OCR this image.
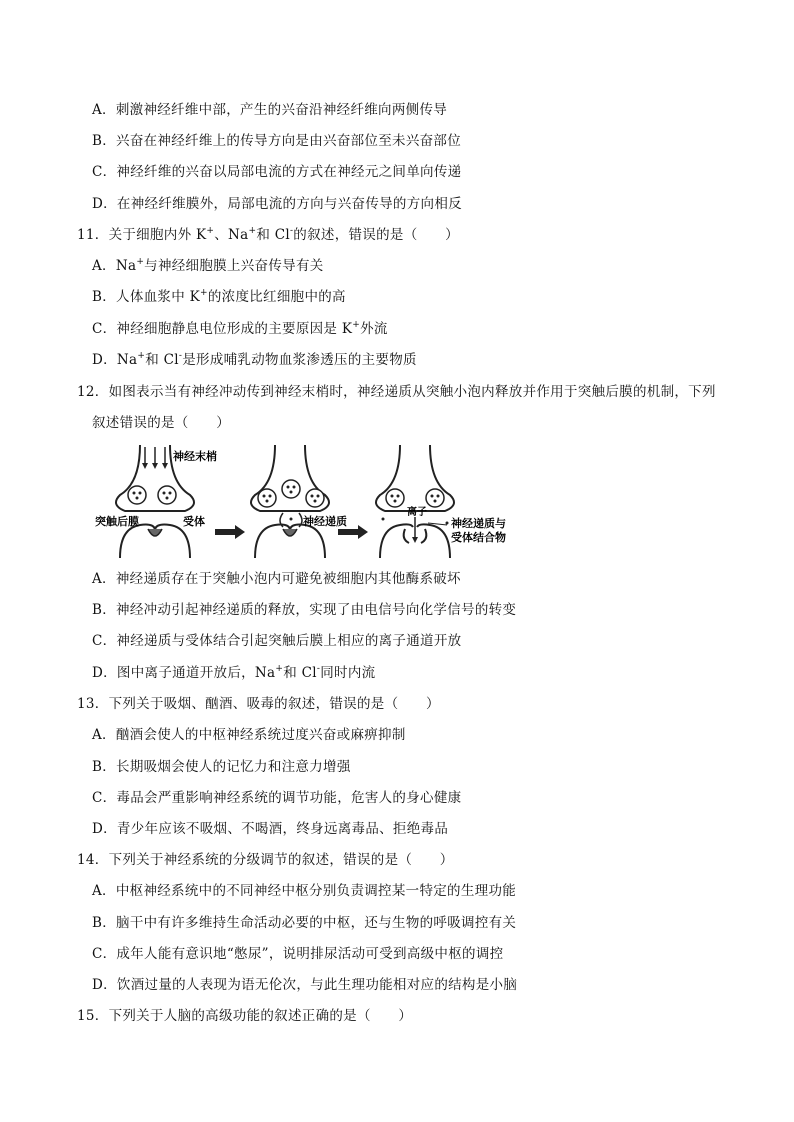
A．刺激神经纤维中部，产生的兴奋沿神经纤维向两侧传导
B．兴奋在神经纤维上的传导方向是由兴奋部位至未兴奋部位
C．神经纤维的兴奋以局部电流的方式在神经元之间单向传递
D．在神经纤维膜外，局部电流的方向与兴奋传导的方向相反
11．关于细胞内外 K+、Na+和 Cl-的叙述，错误的是（　　）
A．Na+与神经细胞膜上兴奋传导有关
B．人体血浆中 K+的浓度比红细胞中的高
C．神经细胞静息电位形成的主要原因是 K+外流
D．Na+和 Cl-是形成哺乳动物血浆渗透压的主要物质
12．如图表示当有神经冲动传到神经末梢时，神经递质从突触小泡内释放并作用于突触后膜的机制，下列
叙述错误的是（　　）
神经末梢
突触后膜	受体	神经递质
离子
神经递质与
受体结合物
A．神经递质存在于突触小泡内可避免被细胞内其他酶系破坏
B．神经冲动引起神经递质的释放，实现了由电信号向化学信号的转变
C．神经递质与受体结合引起突触后膜上相应的离子通道开放
D．图中离子通道开放后，Na+和 Cl-同时内流
13．下列关于吸烟、酗酒、吸毒的叙述，错误的是（　　）
A．酗酒会使人的中枢神经系统过度兴奋或麻痹抑制
B．长期吸烟会使人的记忆力和注意力增强
C．毒品会严重影响神经系统的调节功能，危害人的身心健康
D．青少年应该不吸烟、不喝酒，终身远离毒品、拒绝毒品
14．下列关于神经系统的分级调节的叙述，错误的是（　　）
A．中枢神经系统中的不同神经中枢分别负责调控某一特定的生理功能
B．脑干中有许多维持生命活动必要的中枢，还与生物的呼吸调控有关
C．成年人能有意识地“憋尿”，说明排尿活动可受到高级中枢的调控
D．饮酒过量的人表现为语无伦次，与此生理功能相对应的结构是小脑
15．下列关于人脑的高级功能的叙述正确的是（　　）
